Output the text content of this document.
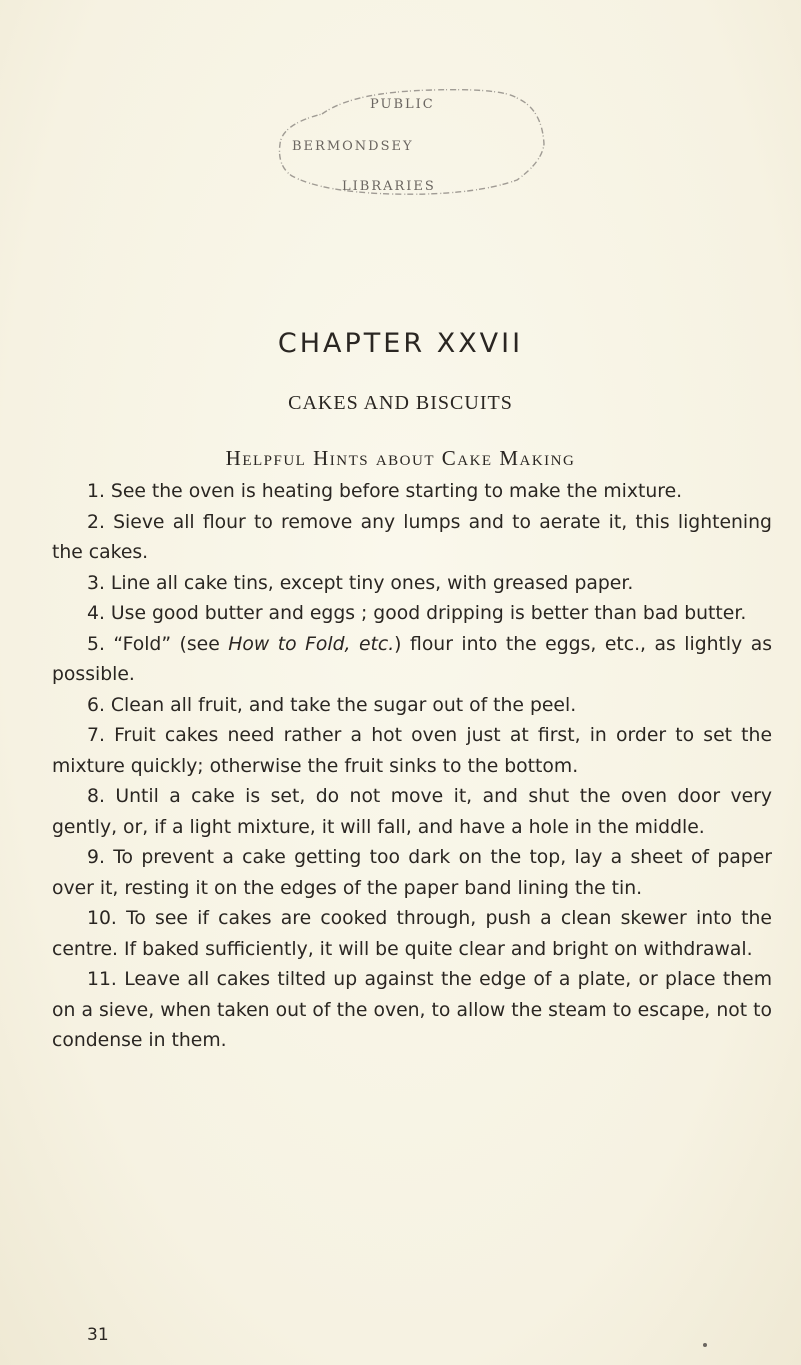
PUBLIC
BERMONDSEY
LIBRARIES
CHAPTER XXVII
CAKES AND BISCUITS
Helpful Hints about Cake Making
1. See the oven is heating before starting to make the mixture.
2. Sieve all flour to remove any lumps and to aerate it, this lightening the cakes.
3. Line all cake tins, except tiny ones, with greased paper.
4. Use good butter and eggs ; good dripping is better than bad butter.
5. “Fold” (see How to Fold, etc.) flour into the eggs, etc., as lightly as possible.
6. Clean all fruit, and take the sugar out of the peel.
7. Fruit cakes need rather a hot oven just at first, in order to set the mixture quickly; otherwise the fruit sinks to the bottom.
8. Until a cake is set, do not move it, and shut the oven door very gently, or, if a light mixture, it will fall, and have a hole in the middle.
9. To prevent a cake getting too dark on the top, lay a sheet of paper over it, resting it on the edges of the paper band lining the tin.
10. To see if cakes are cooked through, push a clean skewer into the centre. If baked sufficiently, it will be quite clear and bright on withdrawal.
11. Leave all cakes tilted up against the edge of a plate, or place them on a sieve, when taken out of the oven, to allow the steam to escape, not to condense in them.
31
